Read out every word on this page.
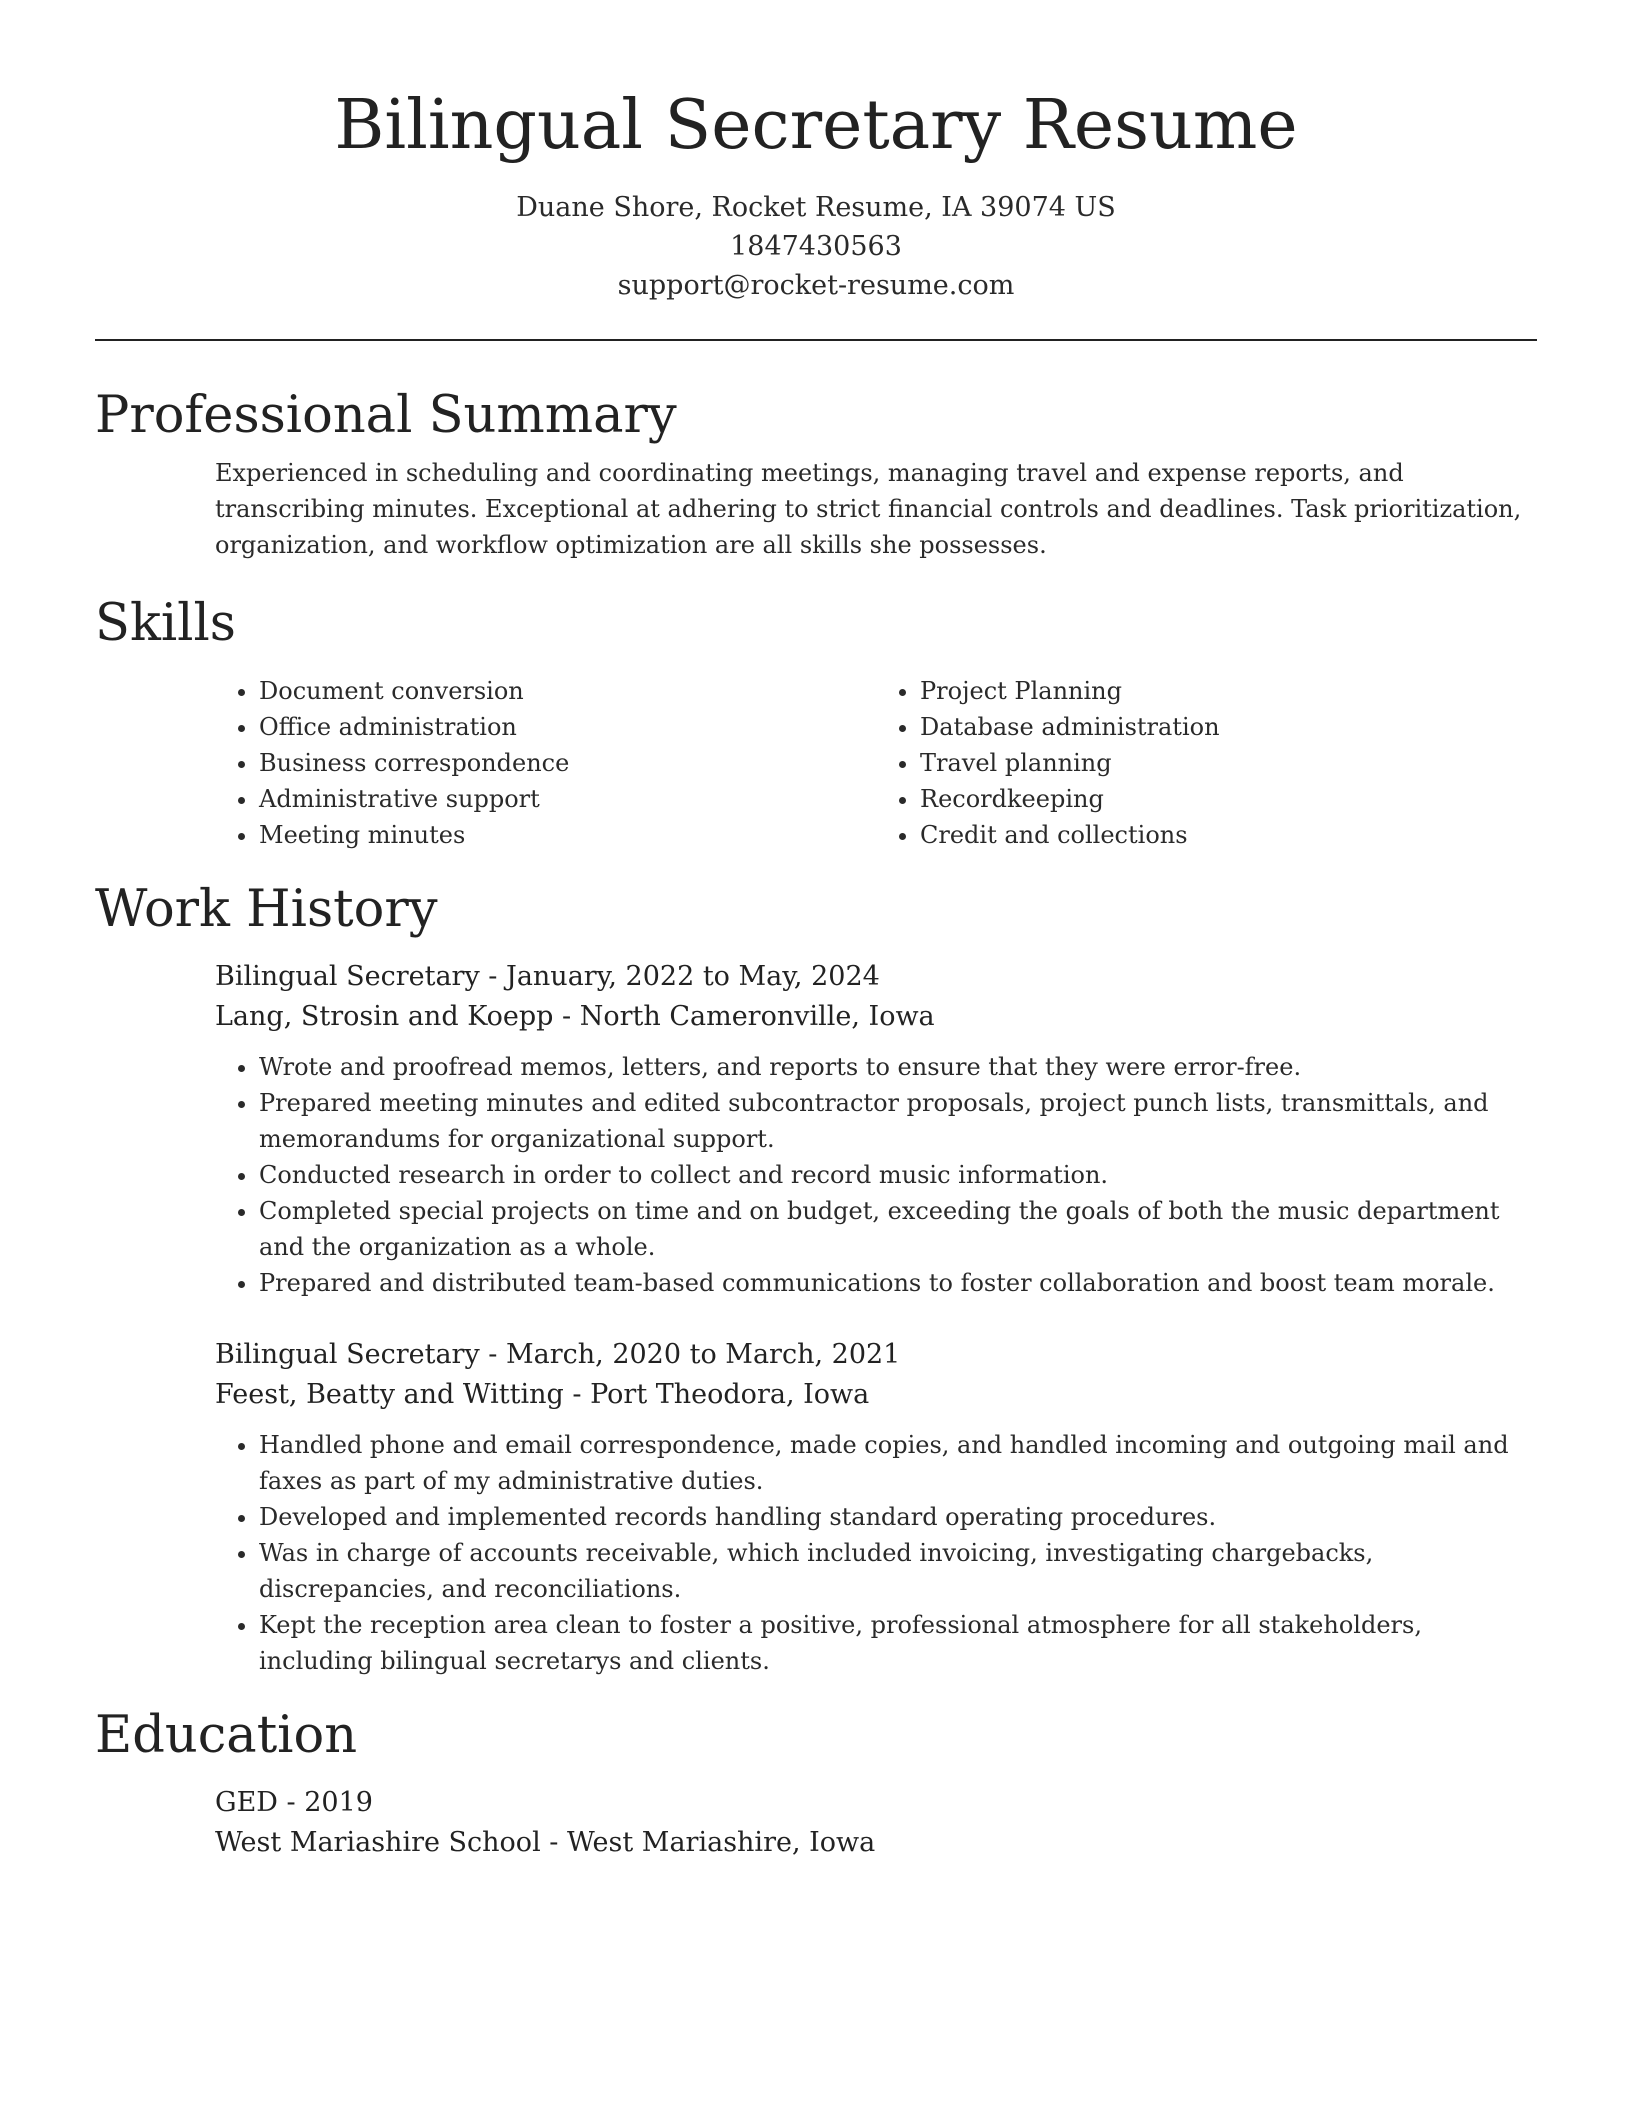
Bilingual Secretary Resume
Duane Shore, Rocket Resume, IA 39074 US
1847430563
support@rocket-resume.com
Professional Summary
Experienced in scheduling and coordinating meetings, managing travel and expense reports, and transcribing minutes. Exceptional at adhering to strict financial controls and deadlines. Task prioritization, organization, and workflow optimization are all skills she possesses.
Skills
• Document conversion
• Office administration
• Business correspondence
• Administrative support
• Meeting minutes
• Project Planning
• Database administration
• Travel planning
• Recordkeeping
• Credit and collections
Work History
Bilingual Secretary - January, 2022 to May, 2024
Lang, Strosin and Koepp - North Cameronville, Iowa
• Wrote and proofread memos, letters, and reports to ensure that they were error-free.
• Prepared meeting minutes and edited subcontractor proposals, project punch lists, transmittals, and memorandums for organizational support.
• Conducted research in order to collect and record music information.
• Completed special projects on time and on budget, exceeding the goals of both the music department and the organization as a whole.
• Prepared and distributed team-based communications to foster collaboration and boost team morale.
Bilingual Secretary - March, 2020 to March, 2021
Feest, Beatty and Witting - Port Theodora, Iowa
• Handled phone and email correspondence, made copies, and handled incoming and outgoing mail and faxes as part of my administrative duties.
• Developed and implemented records handling standard operating procedures.
• Was in charge of accounts receivable, which included invoicing, investigating chargebacks, discrepancies, and reconciliations.
• Kept the reception area clean to foster a positive, professional atmosphere for all stakeholders, including bilingual secretarys and clients.
Education
GED - 2019
West Mariashire School - West Mariashire, Iowa
